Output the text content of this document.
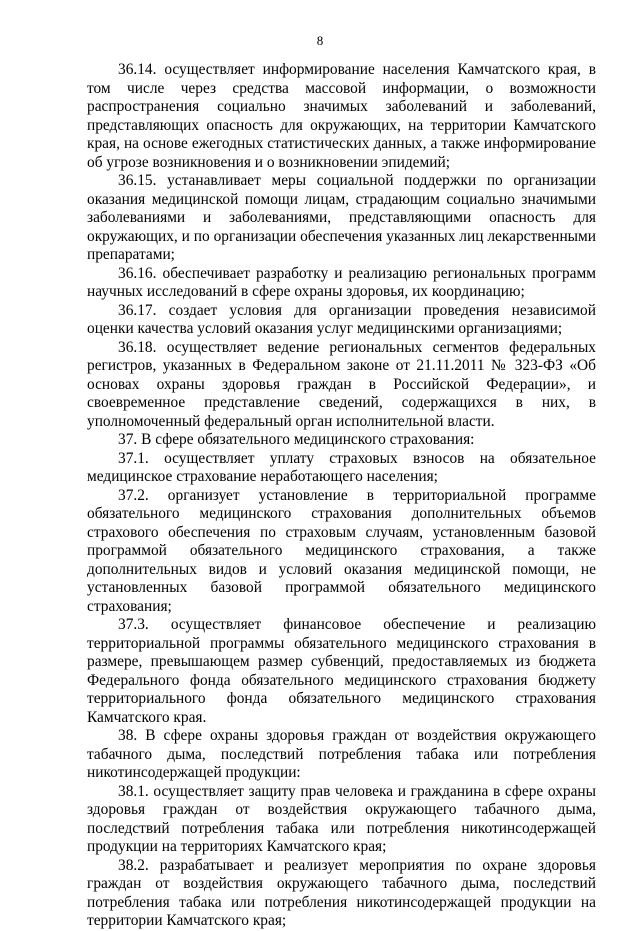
8

36.14. осуществляет информирование населения Камчатского края, в том числе через средства массовой информации, о возможности распространения социально значимых заболеваний и заболеваний, представляющих опасность для окружающих, на территории Камчатского края, на основе ежегодных статистических данных, а также информирование об угрозе возникновения и о возникновении эпидемий;

36.15. устанавливает меры социальной поддержки по организации оказания медицинской помощи лицам, страдающим социально значимыми заболеваниями и заболеваниями, представляющими опасность для окружающих, и по организации обеспечения указанных лиц лекарственными препаратами;

36.16. обеспечивает разработку и реализацию региональных программ научных исследований в сфере охраны здоровья, их координацию;

36.17. создает условия для организации проведения независимой оценки качества условий оказания услуг медицинскими организациями;

36.18. осуществляет ведение региональных сегментов федеральных регистров, указанных в Федеральном законе от 21.11.2011 № 323-ФЗ «Об основах охраны здоровья граждан в Российской Федерации», и своевременное представление сведений, содержащихся в них, в уполномоченный федеральный орган исполнительной власти.

37. В сфере обязательного медицинского страхования:

37.1. осуществляет уплату страховых взносов на обязательное медицинское страхование неработающего населения;

37.2. организует установление в территориальной программе обязательного медицинского страхования дополнительных объемов страхового обеспечения по страховым случаям, установленным базовой программой обязательного медицинского страхования, а также дополнительных видов и условий оказания медицинской помощи, не установленных базовой программой обязательного медицинского страхования;

37.3. осуществляет финансовое обеспечение и реализацию территориальной программы обязательного медицинского страхования в размере, превышающем размер субвенций, предоставляемых из бюджета Федерального фонда обязательного медицинского страхования бюджету территориального фонда обязательного медицинского страхования Камчатского края.

38. В сфере охраны здоровья граждан от воздействия окружающего табачного дыма, последствий потребления табака или потребления никотинсодержащей продукции:

38.1. осуществляет защиту прав человека и гражданина в сфере охраны здоровья граждан от воздействия окружающего табачного дыма, последствий потребления табака или потребления никотинсодержащей продукции на территориях Камчатского края;

38.2. разрабатывает и реализует мероприятия по охране здоровья граждан от воздействия окружающего табачного дыма, последствий потребления табака или потребления никотинсодержащей продукции на территории Камчатского края;
